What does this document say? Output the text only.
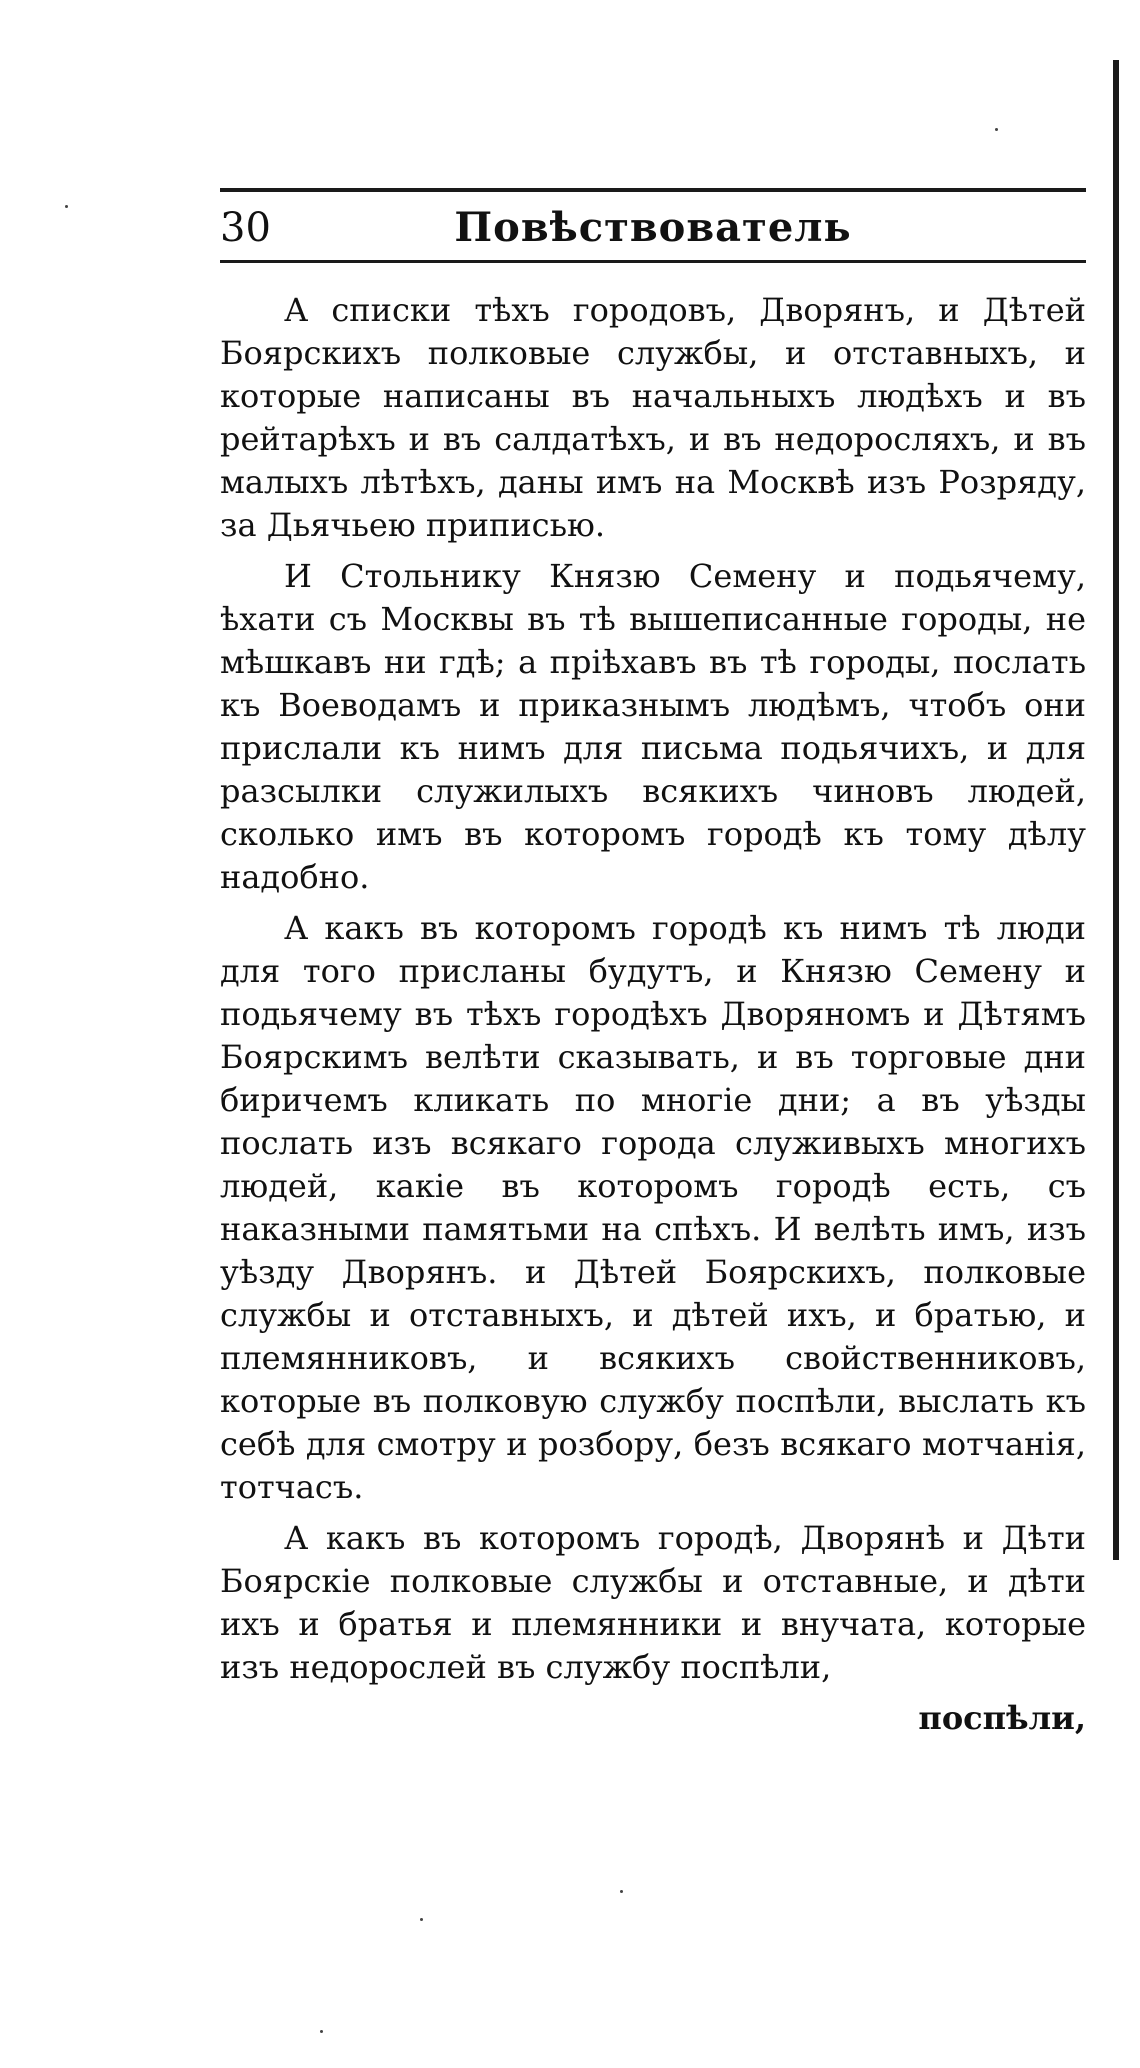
30	Повѣствователь

А списки тѣхъ городовъ, Дворянъ, и Дѣтей Боярскихъ полковые службы, и отставныхъ, и которые написаны въ начальныхъ людѣхъ и въ рейтарѣхъ и въ салдатѣхъ, и въ недоросляхъ, и въ малыхъ лѣтѣхъ, даны имъ на Москвѣ изъ Розряду, за Дьячьею приписью.

И Стольнику Князю Семену и подьячему, ѣхати съ Москвы въ тѣ вышеписанные городы, не мѣшкавъ ни гдѣ; а пріѣхавъ въ тѣ городы, послать къ Воеводамъ и приказнымъ людѣмъ, чтобъ они прислали къ нимъ для письма подьячихъ, и для разсылки служилыхъ всякихъ чиновъ людей, сколько имъ въ которомъ городѣ къ тому дѣлу надобно.

А какъ въ которомъ городѣ къ нимъ тѣ люди для того присланы будутъ, и Князю Семену и подьячему въ тѣхъ городѣхъ Дворяномъ и Дѣтямъ Боярскимъ велѣти сказывать, и въ торговые дни биричемъ кликать по многіе дни; а въ уѣзды послать изъ всякаго города служивыхъ многихъ людей, какіе въ которомъ городѣ есть, съ наказными памятьми на спѣхъ. И велѣть имъ, изъ уѣзду Дворянъ. и Дѣтей Боярскихъ, полковые службы и отставныхъ, и дѣтей ихъ, и братью, и племянниковъ, и всякихъ свойственниковъ, которые въ полковую службу поспѣли, выслать къ себѣ для смотру и розбору, безъ всякаго мотчанія, тотчасъ.

А какъ въ которомъ городѣ, Дворянѣ и Дѣти Боярскіе полковые службы и отставные, и дѣти ихъ и братья и племянники и внучата, которые изъ недорослей въ службу поспѣли,

поспѣли,
